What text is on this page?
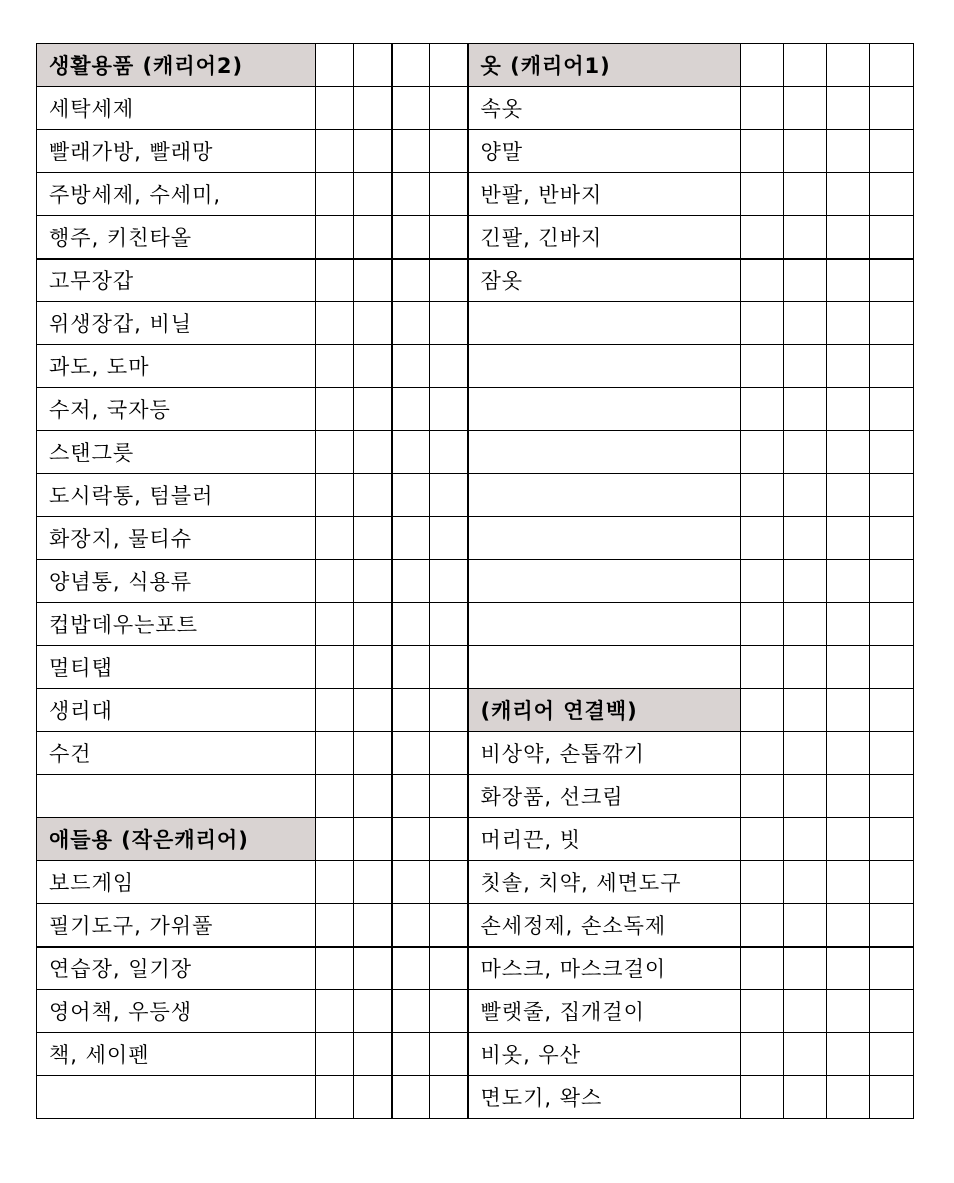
생활용품 (캐리어2)					옷 (캐리어1)				
세탁세제					속옷				
빨래가방, 빨래망					양말				
주방세제, 수세미,					반팔, 반바지				
행주, 키친타올					긴팔, 긴바지				
고무장갑					잠옷				
위생장갑, 비닐									
과도, 도마									
수저, 국자등									
스탠그릇									
도시락통, 텀블러									
화장지, 물티슈									
양념통, 식용류									
컵밥데우는포트									
멀티탭									
생리대					(캐리어 연결백)				
수건					비상약, 손톱깎기				
					화장품, 선크림				
애들용 (작은캐리어)					머리끈, 빗				
보드게임					칫솔, 치약, 세면도구				
필기도구, 가위풀					손세정제, 손소독제				
연습장, 일기장					마스크, 마스크걸이				
영어책, 우등생					빨랫줄, 집개걸이				
책, 세이펜					비옷, 우산				
					면도기, 왁스				
